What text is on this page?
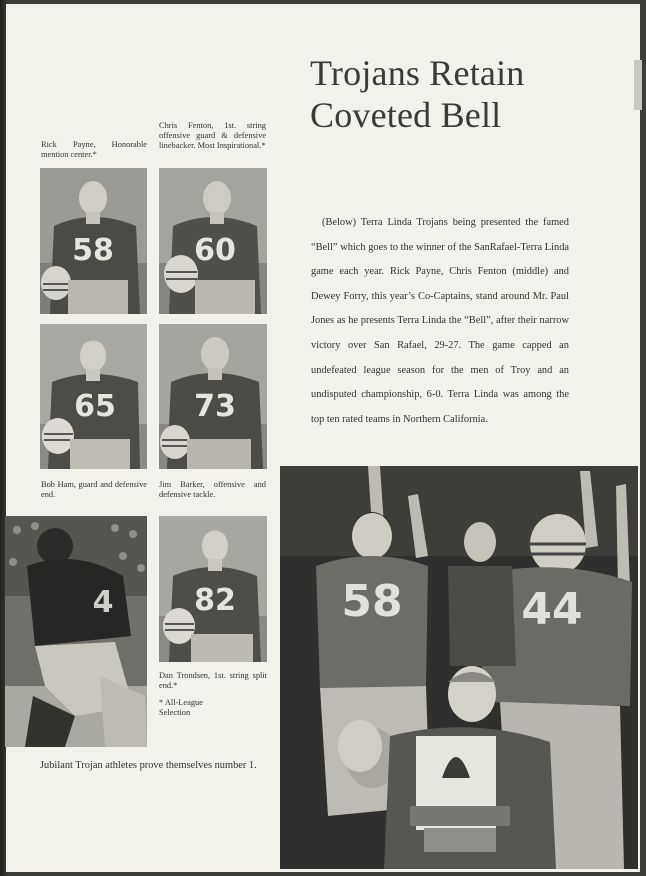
Trojans Retain Coveted Bell

(Below) Terra Linda Trojans being presented the famed “Bell” which goes to the winner of the SanRafael-Terra Linda game each year. Rick Payne, Chris Fenton (middle) and Dewey Forry, this year’s Co-Captains, stand around Mr. Paul Jones as he presents Terra Linda the “Bell”, after their narrow victory over San Rafael, 29-27. The game capped an undefeated league season for the men of Troy and an undisputed championship, 6-0. Terra Linda was among the top ten rated teams in Northern California.

Rick Payne, Honorable mention center.*
Chris Fenton, 1st. string offensive guard & defensive linebacker. Most Inspirational.*
58	60
65	73
Bob Ham, guard and defensive end.
Jim Barker, offensive and defensive tackle.
4	82
Dan Trondsen, 1st. string split end.*
* All-League Selection
Jubilant Trojan athletes prove themselves number 1.
58	44
